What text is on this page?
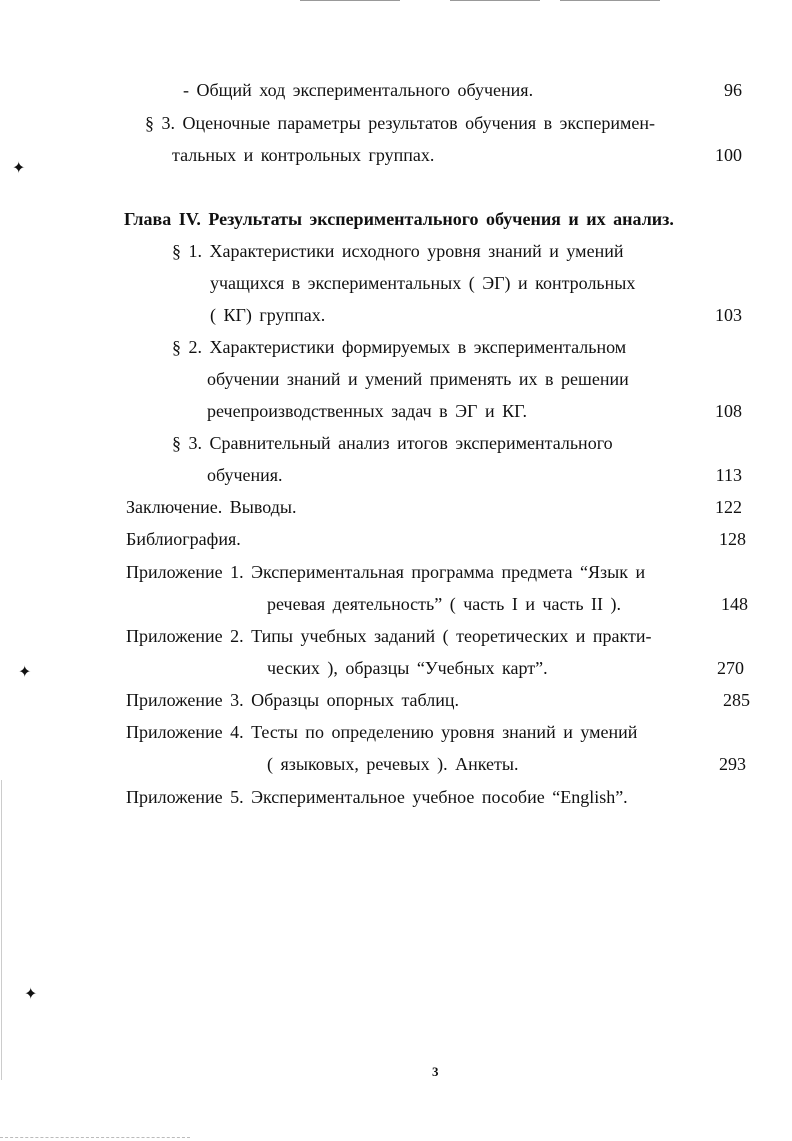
✦
✦
✦
- Общий ход экспериментального обучения.	96
§ 3. Оценочные параметры результатов обучения в эксперимен-
тальных и контрольных группах.	100
Глава IV. Результаты экспериментального обучения и их анализ.
§ 1. Характеристики исходного уровня знаний и умений
учащихся в экспериментальных ( ЭГ) и контрольных
( КГ) группах.	103
§ 2. Характеристики формируемых в экспериментальном
обучении знаний и умений применять их в решении
речепроизводственных задач в ЭГ и КГ.	108
§ 3. Сравнительный анализ итогов экспериментального
обучения.	113
Заключение. Выводы.	122
Библиография.	128
Приложение 1. Экспериментальная программа предмета “Язык и
речевая деятельность” ( часть I и часть II ).	148
Приложение 2. Типы учебных заданий ( теоретических и практи-
ческих ), образцы “Учебных карт”.	270
Приложение 3. Образцы опорных таблиц.	285
Приложение 4. Тесты по определению уровня знаний и умений
( языковых, речевых ). Анкеты.	293
Приложение 5. Экспериментальное учебное пособие “English”.
3
